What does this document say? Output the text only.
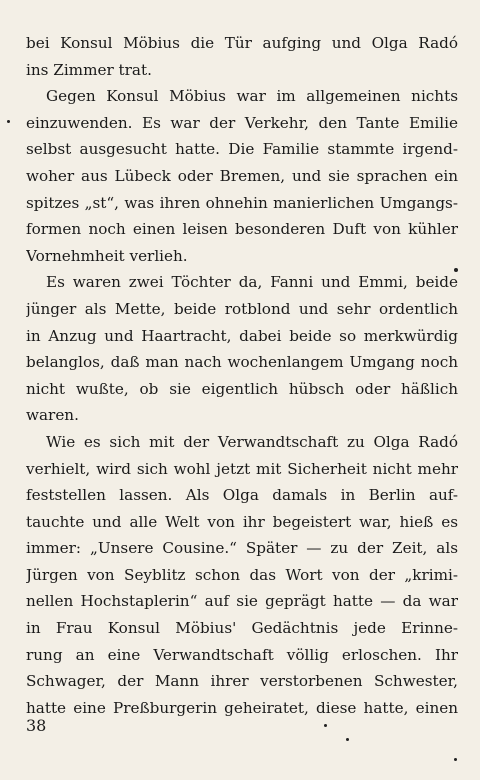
bei Konsul Möbius die Tür aufging und Olga Radó
ins Zimmer trat.
Gegen Konsul Möbius war im allgemeinen nichts
einzuwenden. Es war der Verkehr, den Tante Emilie
selbst ausgesucht hatte. Die Familie stammte irgend-
woher aus Lübeck oder Bremen, und sie sprachen ein
spitzes „st“, was ihren ohnehin manierlichen Umgangs-
formen noch einen leisen besonderen Duft von kühler
Vornehmheit verlieh.
Es waren zwei Töchter da, Fanni und Emmi, beide
jünger als Mette, beide rotblond und sehr ordentlich
in Anzug und Haartracht, dabei beide so merkwürdig
belanglos, daß man nach wochenlangem Umgang noch
nicht wußte, ob sie eigentlich hübsch oder häßlich
waren.
Wie es sich mit der Verwandtschaft zu Olga Radó
verhielt, wird sich wohl jetzt mit Sicherheit nicht mehr
feststellen lassen. Als Olga damals in Berlin auf-
tauchte und alle Welt von ihr begeistert war, hieß es
immer: „Unsere Cousine.“ Später — zu der Zeit, als
Jürgen von Seyblitz schon das Wort von der „krimi-
nellen Hochstaplerin“ auf sie geprägt hatte — da war
in Frau Konsul Möbius' Gedächtnis jede Erinne-
rung an eine Verwandtschaft völlig erloschen. Ihr
Schwager, der Mann ihrer verstorbenen Schwester,
hatte eine Preßburgerin geheiratet, diese hatte, einen
38
